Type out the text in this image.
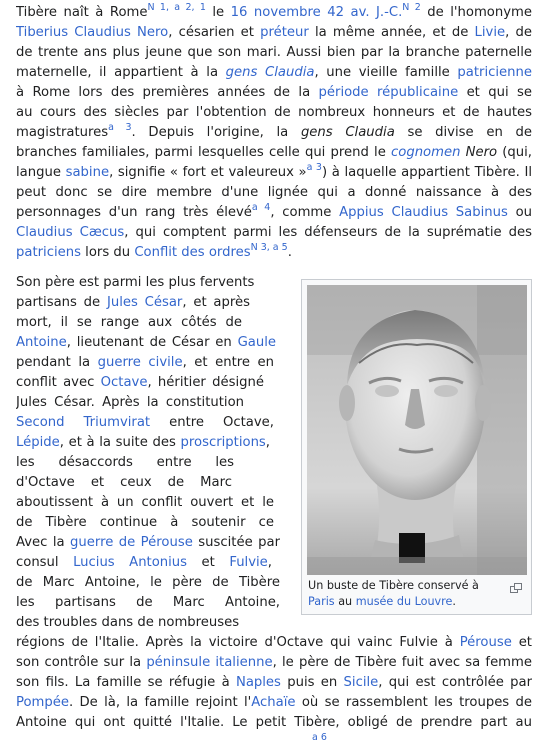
Tibère naît à Rome$^{N 1, a 2, 1}$ le 16 novembre 42 av. J.-C.$^{N 2}$ de l'homonyme
Tiberius Claudius Nero, césarien et préteur la même année, et de Livie, de
de trente ans plus jeune que son mari. Aussi bien par la branche paternelle
maternelle, il appartient à la gens Claudia, une vieille famille patricienne
à Rome lors des premières années de la période républicaine et qui se
au cours des siècles par l'obtention de nombreux honneurs et de hautes
magistratures$^{a 3}$. Depuis l'origine, la gens Claudia se divise en de
branches familiales, parmi lesquelles celle qui prend le cognomen Nero (qui,
langue sabine, signifie « fort et valeureux »$^{a 3}$) à laquelle appartient Tibère. Il
peut donc se dire membre d'une lignée qui a donné naissance à des
personnages d'un rang très élevé$^{a 4}$, comme Appius Claudius Sabinus ou
Claudius Cæcus, qui comptent parmi les défenseurs de la suprématie des
patriciens lors du Conflit des ordres$^{N 3, a 5}$.
Un buste de Tibère conservé à
Paris au musée du Louvre.
Son père est parmi les plus fervents
partisans de Jules César, et après
mort, il se range aux côtés de
Antoine, lieutenant de César en Gaule
pendant la guerre civile, et entre en
conflit avec Octave, héritier désigné
Jules César. Après la constitution
Second Triumvirat entre Octave,
Lépide, et à la suite des proscriptions,
les désaccords entre les
d'Octave et ceux de Marc
aboutissent à un conflit ouvert et le
de Tibère continue à soutenir ce
Avec la guerre de Pérouse suscitée par
consul Lucius Antonius et Fulvie,
de Marc Antoine, le père de Tibère
les partisans de Marc Antoine,
des troubles dans de nombreuses
régions de l'Italie. Après la victoire d'Octave qui vainc Fulvie à Pérouse et
son contrôle sur la péninsule italienne, le père de Tibère fuit avec sa femme
son fils. La famille se réfugie à Naples puis en Sicile, qui est contrôlée par
Pompée. De là, la famille rejoint l'Achaïe où se rassemblent les troupes de
Antoine qui ont quitté l'Italie. Le petit Tibère, obligé de prendre part au
$^{a 6}$
